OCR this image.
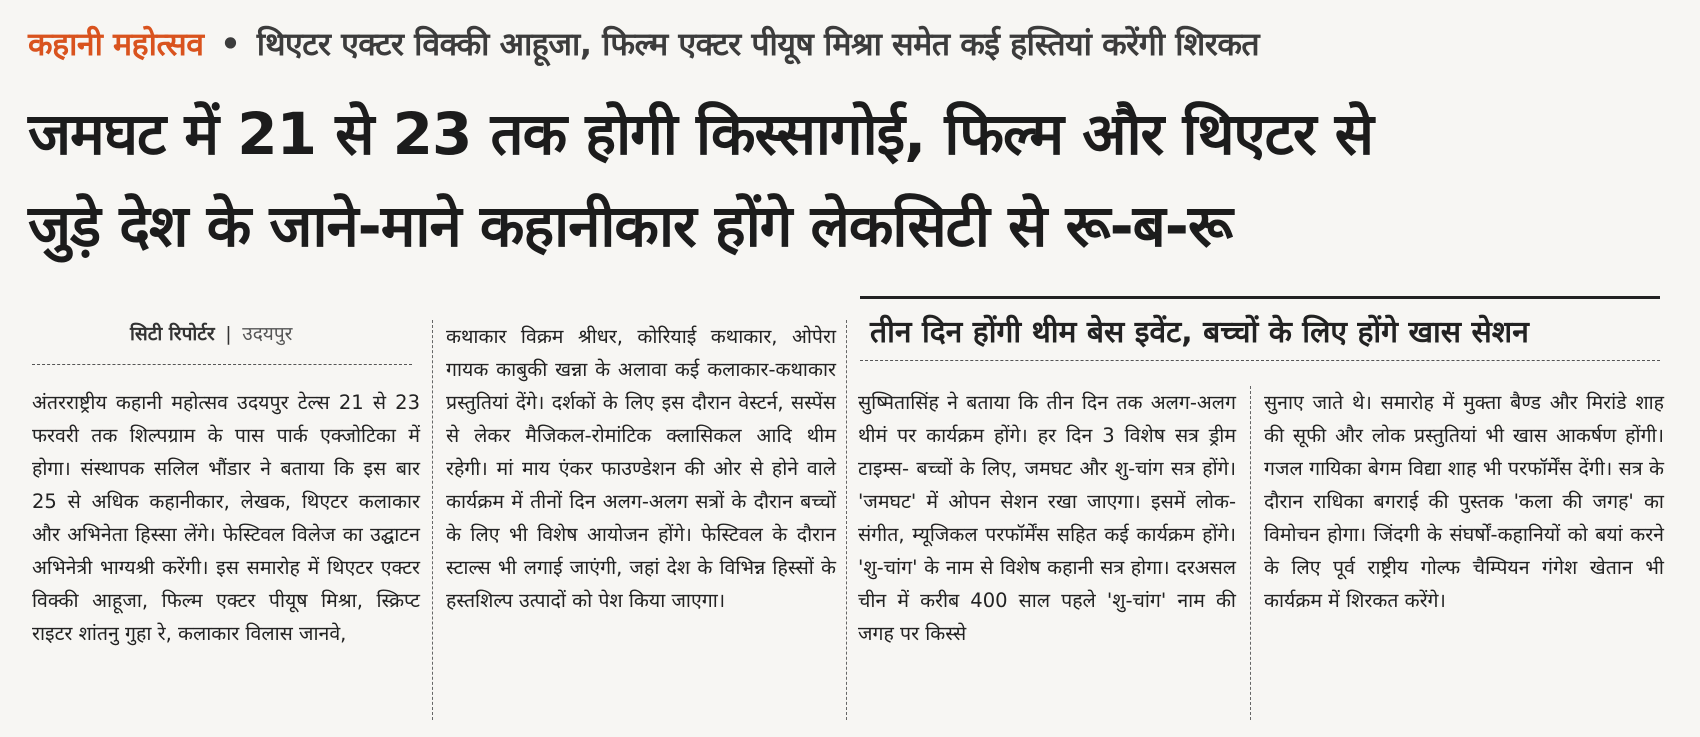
कहानी महोत्सव • थिएटर एक्टर विक्की आहूजा, फिल्म एक्टर पीयूष मिश्रा समेत कई हस्तियां करेंगी शिरकत
जमघट में 21 से 23 तक होगी किस्सागोई, फिल्म और थिएटर से
जुड़े देश के जाने-माने कहानीकार होंगे लेकसिटी से रू-ब-रू
सिटी रिपोर्टर | उदयपुर	तीन दिन होंगी थीम बेस इवेंट, बच्चों के लिए होंगे खास सेशन

अंतरराष्ट्रीय कहानी महोत्सव उदयपुर टेल्स 21 से 23 फरवरी तक शिल्पग्राम के पास पार्क एक्जोटिका में होगा। संस्थापक सलिल भौंडार ने बताया कि इस बार 25 से अधिक कहानीकार, लेखक, थिएटर कलाकार और अभिनेता हिस्सा लेंगे। फेस्टिवल विलेज का उद्घाटन अभिनेत्री भाग्यश्री करेंगी। इस समारोह में थिएटर एक्टर विक्की आहूजा, फिल्म एक्टर पीयूष मिश्रा, स्क्रिप्ट राइटर शांतनु गुहा रे, कलाकार विलास जानवे,

कथाकार विक्रम श्रीधर, कोरियाई कथाकार, ओपेरा गायक काबुकी खन्ना के अलावा कई कलाकार-कथाकार प्रस्तुतियां देंगे। दर्शकों के लिए इस दौरान वेस्टर्न, सस्पेंस से लेकर मैजिकल-रोमांटिक क्लासिकल आदि थीम रहेगी। मां माय एंकर फाउण्डेशन की ओर से होने वाले कार्यक्रम में तीनों दिन अलग-अलग सत्रों के दौरान बच्चों के लिए भी विशेष आयोजन होंगे। फेस्टिवल के दौरान स्टाल्स भी लगाई जाएंगी, जहां देश के विभिन्न हिस्सों के हस्तशिल्प उत्पादों को पेश किया जाएगा।

सुष्मितासिंह ने बताया कि तीन दिन तक अलग-अलग थीमं पर कार्यक्रम होंगे। हर दिन 3 विशेष सत्र ड्रीम टाइम्स- बच्चों के लिए, जमघट और शु-चांग सत्र होंगे। 'जमघट' में ओपन सेशन रखा जाएगा। इसमें लोक-संगीत, म्यूजिकल परफॉर्मेंस सहित कई कार्यक्रम होंगे। 'शु-चांग' के नाम से विशेष कहानी सत्र होगा। दरअसल चीन में करीब 400 साल पहले 'शु-चांग' नाम की जगह पर किस्से

सुनाए जाते थे। समारोह में मुक्ता बैण्ड और मिरांडे शाह की सूफी और लोक प्रस्तुतियां भी खास आकर्षण होंगी। गजल गायिका बेगम विद्या शाह भी परफॉर्मेंस देंगी। सत्र के दौरान राधिका बगराई की पुस्तक 'कला की जगह' का विमोचन होगा। जिंदगी के संघर्षों-कहानियों को बयां करने के लिए पूर्व राष्ट्रीय गोल्फ चैम्पियन गंगेश खेतान भी कार्यक्रम में शिरकत करेंगे।
